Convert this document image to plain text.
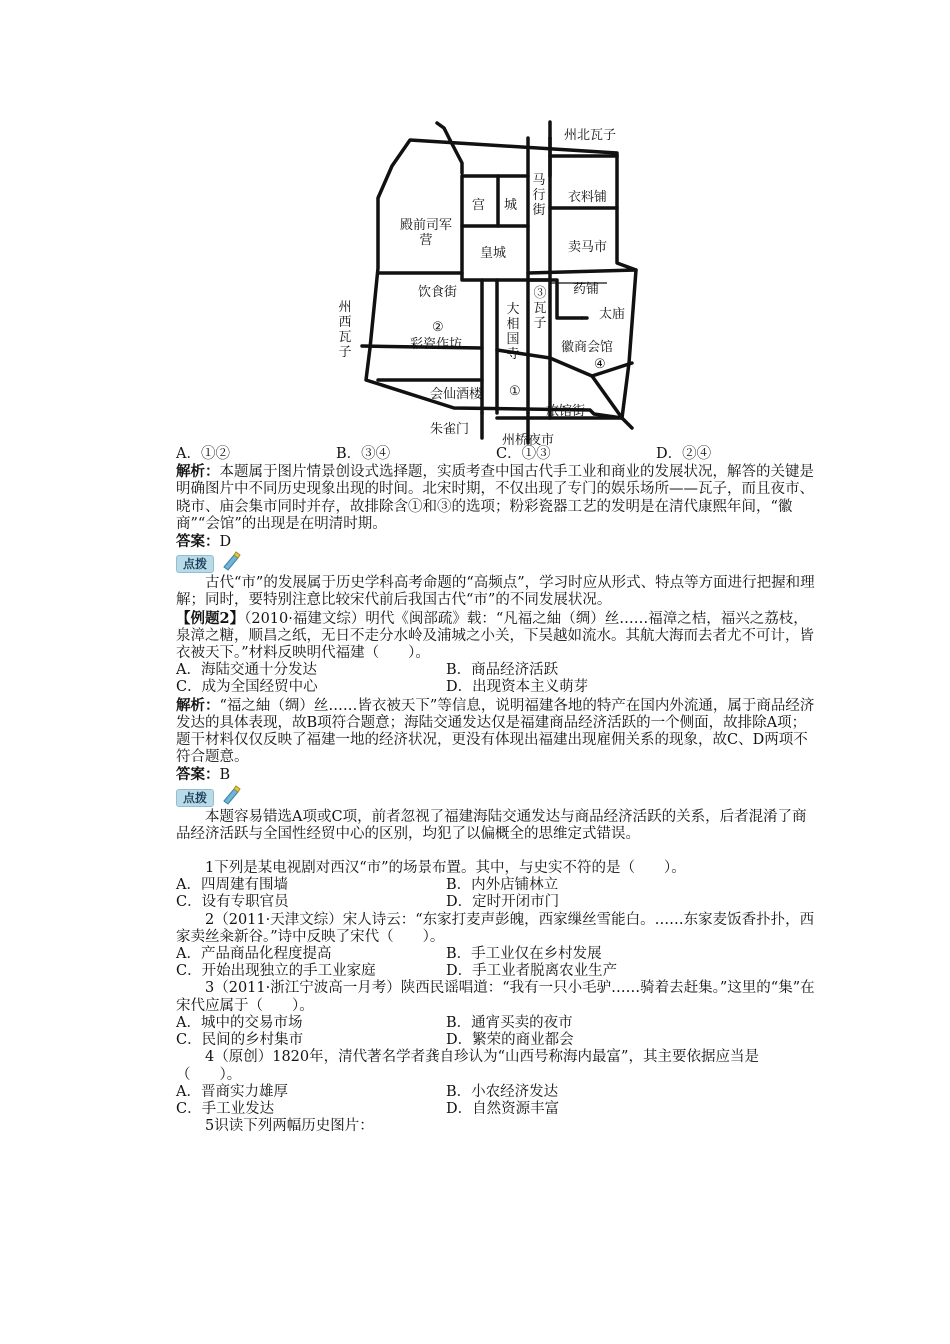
州北瓦子
宫 城
马行街
衣料铺
殿前司军营
皇城	卖马市
饮食街	③瓦子
药铺
州西瓦子
②
彩瓷作坊
大相国寺
太庙
徽商会馆
④
会仙酒楼 ①
旅馆街
朱雀门
州桥夜市
A．①②	B．③④	C．①③	D．②④

解析：本题属于图片情景创设式选择题，实质考查中国古代手工业和商业的发展状况，解答的关键是明确图片中不同历史现象出现的时间。北宋时期，不仅出现了专门的娱乐场所——瓦子，而且夜市、晓市、庙会集市同时并存，故排除含①和③的选项；粉彩瓷器工艺的发明是在清代康熙年间，“徽商”“会馆”的出现是在明清时期。

答案：D

点拨

古代“市”的发展属于历史学科高考命题的“高频点”，学习时应从形式、特点等方面进行把握和理解；同时，要特别注意比较宋代前后我国古代“市”的不同发展状况。

【例题2】（2010·福建文综）明代《闽部疏》载：“凡福之紬（绸）丝……福漳之桔，福兴之荔枝，泉漳之糖，顺昌之纸，无日不走分水岭及浦城之小关，下吴越如流水。其航大海而去者尤不可计，皆衣被天下。”材料反映明代福建（　　）。

A．海陆交通十分发达	B．商品经济活跃
C．成为全国经贸中心	D．出现资本主义萌芽

解析：“福之紬（绸）丝……皆衣被天下”等信息，说明福建各地的特产在国内外流通，属于商品经济发达的具体表现，故B项符合题意；海陆交通发达仅是福建商品经济活跃的一个侧面，故排除A项；题干材料仅仅反映了福建一地的经济状况，更没有体现出福建出现雇佣关系的现象，故C、D两项不符合题意。

答案：B

点拨

本题容易错选A项或C项，前者忽视了福建海陆交通发达与商品经济活跃的关系，后者混淆了商品经济活跃与全国性经贸中心的区别，均犯了以偏概全的思维定式错误。

1下列是某电视剧对西汉“市”的场景布置。其中，与史实不符的是（　　）。

A．四周建有围墙	B．内外店铺林立
C．设有专职官员	D．定时开闭市门

2（2011·天津文综）宋人诗云：“东家打麦声彭魄，西家缫丝雪能白。……东家麦饭香扑扑，西家卖丝籴新谷。”诗中反映了宋代（　　）。

A．产品商品化程度提高	B．手工业仅在乡村发展
C．开始出现独立的手工业家庭	D．手工业者脱离农业生产

3（2011·浙江宁波高一月考）陕西民谣唱道：“我有一只小毛驴……骑着去赶集。”这里的“集”在宋代应属于（　　）。

A．城中的交易市场	B．通宵买卖的夜市
C．民间的乡村集市	D．繁荣的商业都会

4（原创）1820年，清代著名学者龚自珍认为“山西号称海内最富”，其主要依据应当是（　　）。

A．晋商实力雄厚	B．小农经济发达
C．手工业发达	D．自然资源丰富

5识读下列两幅历史图片：
